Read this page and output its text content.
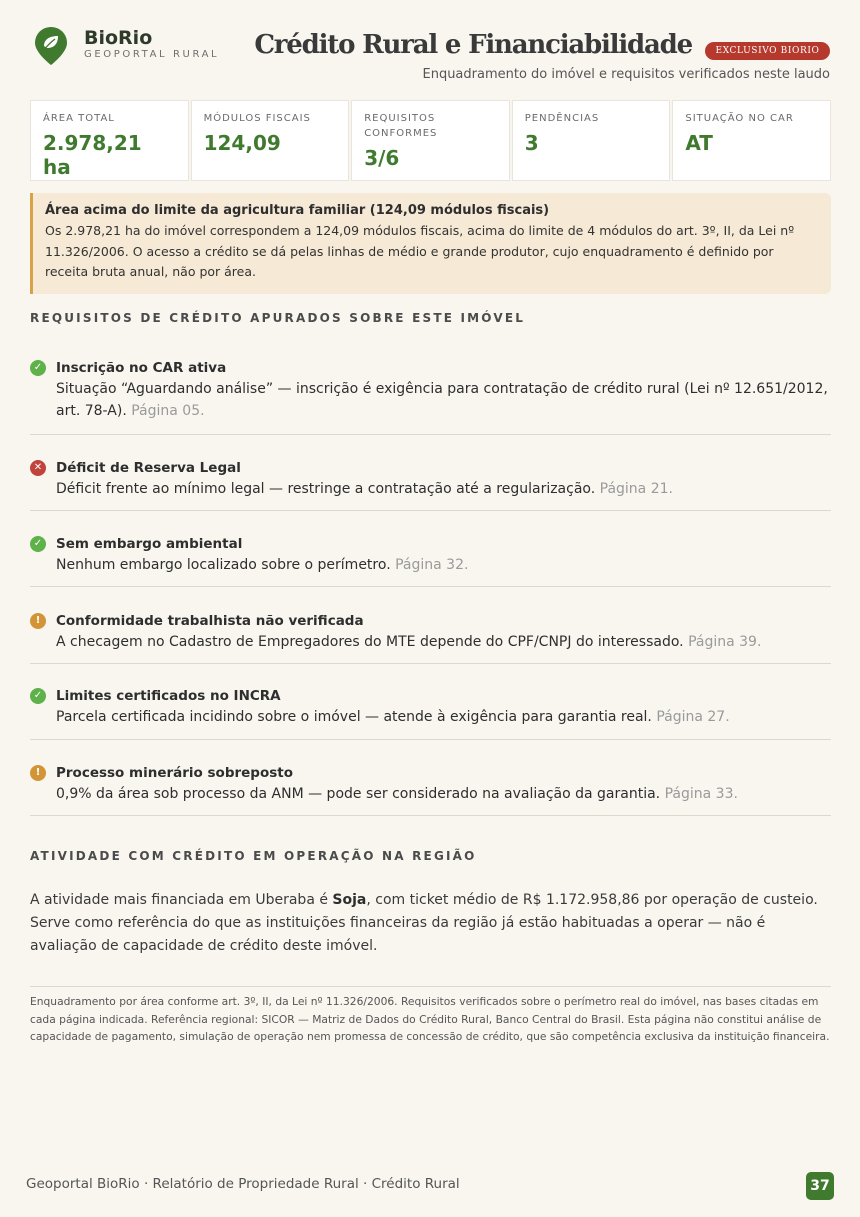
BioRio
GEOPORTAL RURAL Crédito Rural e Financiabilidade	EXCLUSIVO BIORIO
Enquadramento do imóvel e requisitos verificados neste laudo
ÁREA TOTAL
2.978,21 ha
MÓDULOS FISCAIS
124,09
REQUISITOS CONFORMES
3/6
PENDÊNCIAS
3
SITUAÇÃO NO CAR
AT
Área acima do limite da agricultura familiar (124,09 módulos fiscais)
Os 2.978,21 ha do imóvel correspondem a 124,09 módulos fiscais, acima do limite de 4 módulos do art. 3º, II, da Lei nº 11.326/2006. O acesso a crédito se dá pelas linhas de médio e grande produtor, cujo enquadramento é definido por receita bruta anual, não por área.
REQUISITOS DE CRÉDITO APURADOS SOBRE ESTE IMÓVEL
✓ Inscrição no CAR ativa
Situação “Aguardando análise” — inscrição é exigência para contratação de crédito rural (Lei nº 12.651/2012, art. 78-A). Página 05.
✕ Déficit de Reserva Legal
Déficit frente ao mínimo legal — restringe a contratação até a regularização. Página 21.
✓ Sem embargo ambiental
Nenhum embargo localizado sobre o perímetro. Página 32.
!	Conformidade trabalhista não verificada
A checagem no Cadastro de Empregadores do MTE depende do CPF/CNPJ do interessado. Página 39.
✓ Limites certificados no INCRA
Parcela certificada incidindo sobre o imóvel — atende à exigência para garantia real. Página 27.
!	Processo minerário sobreposto
0,9% da área sob processo da ANM — pode ser considerado na avaliação da garantia. Página 33.
ATIVIDADE COM CRÉDITO EM OPERAÇÃO NA REGIÃO
A atividade mais financiada em Uberaba é Soja, com ticket médio de R$ 1.172.958,86 por operação de custeio. Serve como referência do que as instituições financeiras da região já estão habituadas a operar — não é avaliação de capacidade de crédito deste imóvel.
Enquadramento por área conforme art. 3º, II, da Lei nº 11.326/2006. Requisitos verificados sobre o perímetro real do imóvel, nas bases citadas em cada página indicada. Referência regional: SICOR — Matriz de Dados do Crédito Rural, Banco Central do Brasil. Esta página não constitui análise de capacidade de pagamento, simulação de operação nem promessa de concessão de crédito, que são competência exclusiva da instituição financeira.
Geoportal BioRio · Relatório de Propriedade Rural · Crédito Rural	37
